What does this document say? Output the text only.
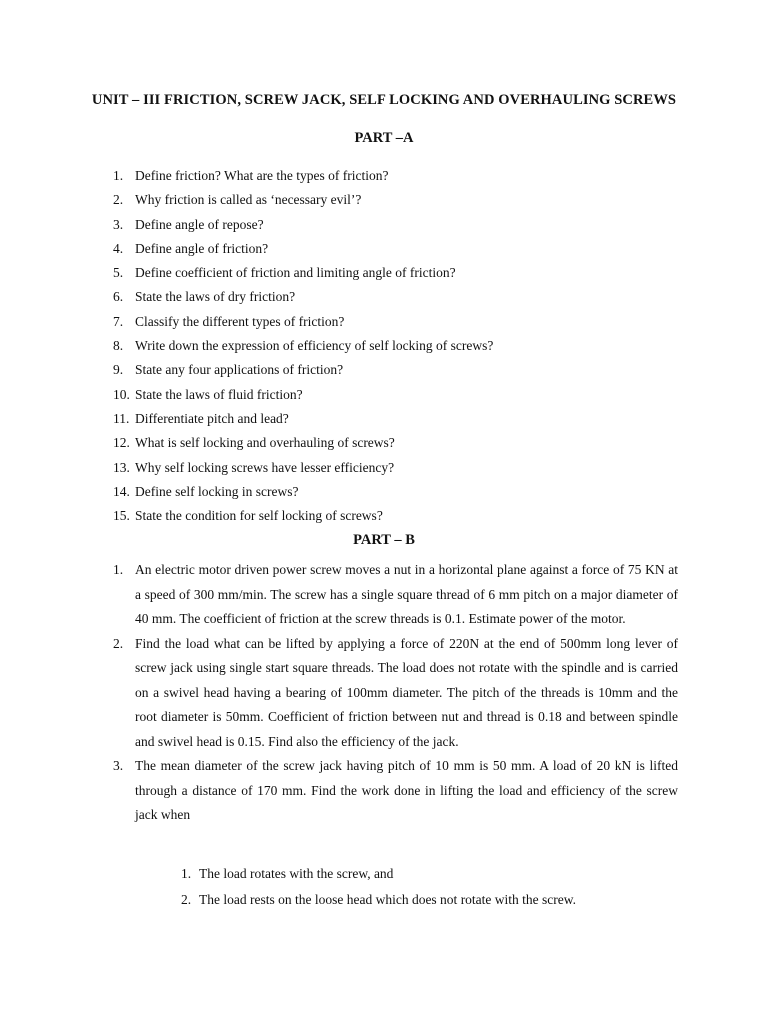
UNIT – III FRICTION, SCREW JACK, SELF LOCKING AND OVERHAULING SCREWS
PART –A
1. Define friction? What are the types of friction?
2. Why friction is called as ‘necessary evil’?
3. Define angle of repose?
4. Define angle of friction?
5. Define coefficient of friction and limiting angle of friction?
6. State the laws of dry friction?
7. Classify the different types of friction?
8. Write down the expression of efficiency of self locking of screws?
9. State any four applications of friction?
10. State the laws of fluid friction?
11. Differentiate pitch and lead?
12. What is self locking and overhauling of screws?
13. Why self locking screws have lesser efficiency?
14. Define self locking in screws?
15. State the condition for self locking of screws?
PART – B
1. An electric motor driven power screw moves a nut in a horizontal plane against a force of 75 KN at a speed of 300 mm/min. The screw has a single square thread of 6 mm pitch on a major diameter of 40 mm. The coefficient of friction at the screw threads is 0.1. Estimate power of the motor.
2. Find the load what can be lifted by applying a force of 220N at the end of 500mm long lever of screw jack using single start square threads. The load does not rotate with the spindle and is carried on a swivel head having a bearing of 100mm diameter. The pitch of the threads is 10mm and the root diameter is 50mm. Coefficient of friction between nut and thread is 0.18 and between spindle and swivel head is 0.15. Find also the efficiency of the jack.
3. The mean diameter of the screw jack having pitch of 10 mm is 50 mm. A load of 20 kN is lifted through a distance of 170 mm. Find the work done in lifting the load and efficiency of the screw jack when
1. The load rotates with the screw, and
2. The load rests on the loose head which does not rotate with the screw.
